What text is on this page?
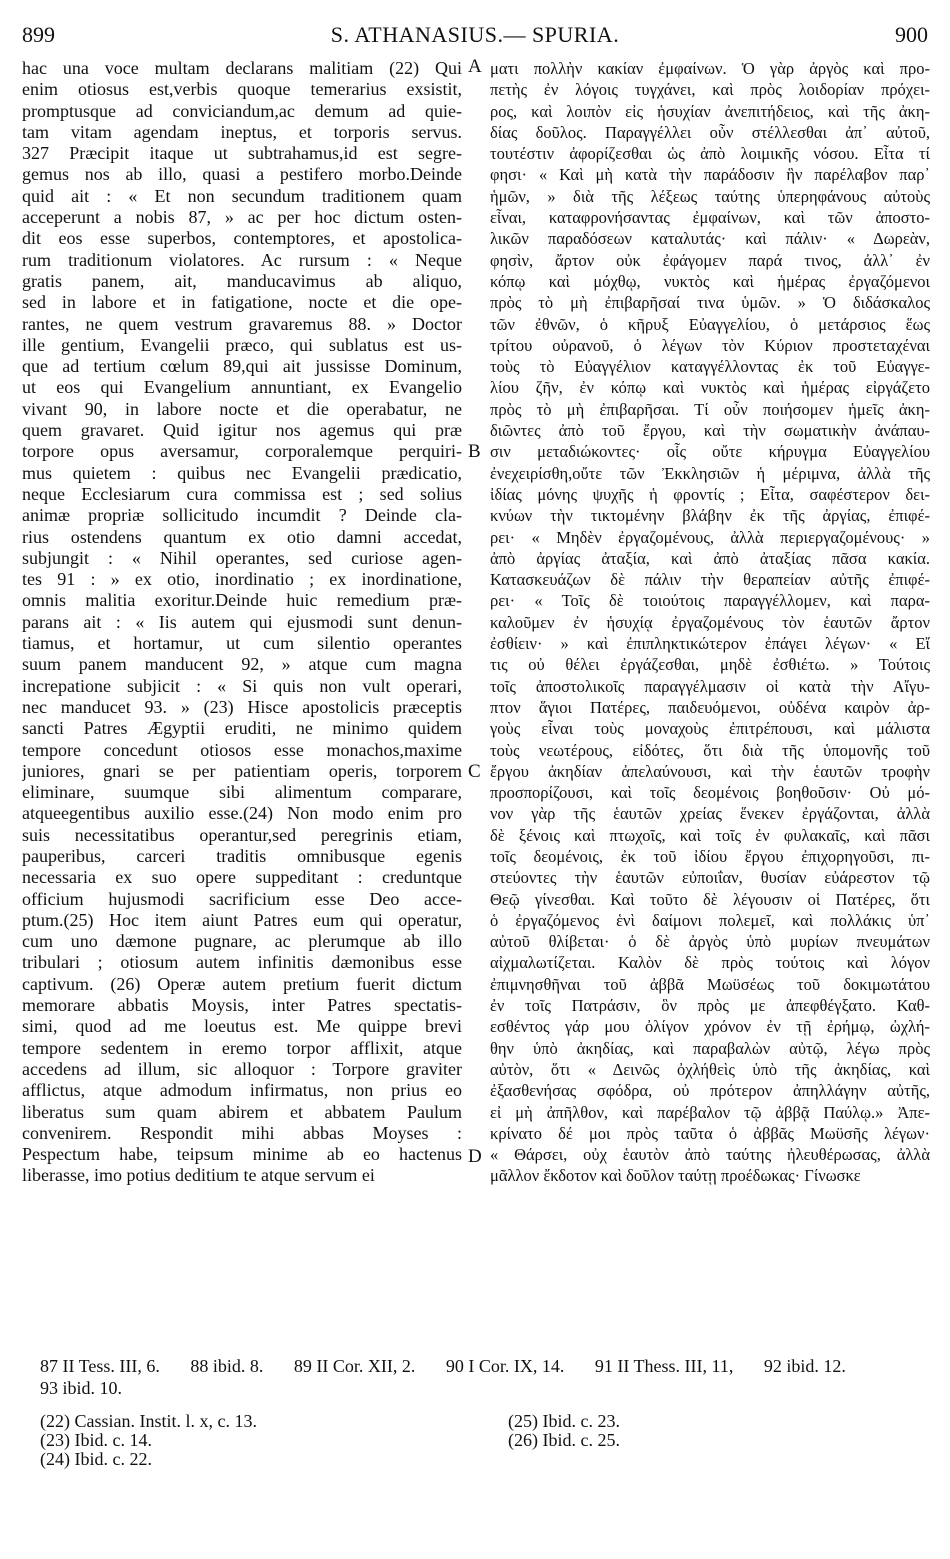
899	S. ATHANASIUS.— SPURIA.	900
hac una voce multam declarans malitiam (22) Qui
enim otiosus est,verbis quoque temerarius exsistit,
promptusque ad conviciandum,ac demum ad quie-
tam vitam agendam ineptus, et torporis servus.
327 Præcipit itaque ut subtrahamus,id est segre-
gemus nos ab illo, quasi a pestifero morbo.Deinde
quid ait : « Et non secundum traditionem quam
acceperunt a nobis 87, » ac per hoc dictum osten-
dit eos esse superbos, contemptores, et apostolica-
rum traditionum violatores. Ac rursum : « Neque
gratis panem, ait, manducavimus ab aliquo,
sed in labore et in fatigatione, nocte et die ope-
rantes, ne quem vestrum gravaremus 88. » Doctor
ille gentium, Evangelii præco, qui sublatus est us-
que ad tertium cœlum 89,qui ait jussisse Dominum,
ut eos qui Evangelium annuntiant, ex Evangelio
vivant 90, in labore nocte et die operabatur, ne
quem gravaret. Quid igitur nos agemus qui præ
torpore opus aversamur, corporalemque perquiri-
mus quietem : quibus nec Evangelii prædicatio,
neque Ecclesiarum cura commissa est ; sed solius
animæ propriæ sollicitudo incumdit ? Deinde cla-
rius ostendens quantum ex otio damni accedat,
subjungit : « Nihil operantes, sed curiose agen-
tes 91 : » ex otio, inordinatio ; ex inordinatione,
omnis malitia exoritur.Deinde huic remedium præ-
parans ait : « Iis autem qui ejusmodi sunt denun-
tiamus, et hortamur, ut cum silentio operantes
suum panem manducent 92, » atque cum magna
increpatione subjicit : « Si quis non vult operari,
nec manducet 93. » (23) Hisce apostolicis præceptis
sancti Patres Ægyptii eruditi, ne minimo quidem
tempore concedunt otiosos esse monachos,maxime
juniores, gnari se per patientiam operis, torporem
eliminare, suumque sibi alimentum comparare,
atqueegentibus auxilio esse.(24) Non modo enim pro
suis necessitatibus operantur,sed peregrinis etiam,
pauperibus, carceri traditis omnibusque egenis
necessaria ex suo opere suppeditant : creduntque
officium hujusmodi sacrificium esse Deo acce-
ptum.(25) Hoc item aiunt Patres eum qui operatur,
cum uno dæmone pugnare, ac plerumque ab illo
tribulari ; otiosum autem infinitis dæmonibus esse
captivum. (26) Operæ autem pretium fuerit dictum
memorare abbatis Moysis, inter Patres spectatis-
simi, quod ad me loeutus est. Me quippe brevi
tempore sedentem in eremo torpor afflixit, atque
accedens ad illum, sic alloquor : Torpore graviter
afflictus, atque admodum infirmatus, non prius eo
liberatus sum quam abirem et abbatem Paulum
convenirem. Respondit mihi abbas Moyses :
Pespectum habe, teipsum minime ab eo hactenus
liberasse, imo potius deditium te atque servum ei
ματι πολλὴν κακίαν ἐμφαίνων. Ὁ γὰρ ἀργὸς καὶ προ-
πετὴς ἐν λόγοις τυγχάνει, καὶ πρὸς λοιδορίαν πρόχει-
ρος, καὶ λοιπὸν εἰς ἡσυχίαν ἀνεπιτήδειος, καὶ τῆς ἀκη-
δίας δοῦλος. Παραγγέλλει οὖν στέλλεσθαι ἀπ᾽ αὐτοῦ,
τουτέστιν ἀφορίζεσθαι ὡς ἀπὸ λοιμικῆς νόσου. Εἶτα τί
φησι· « Καὶ μὴ κατὰ τὴν παράδοσιν ἣν παρέλαβον παρ᾽
ἡμῶν, » διὰ τῆς λέξεως ταύτης ὑπερηφάνους αὐτοὺς
εἶναι, καταφρονήσαντας ἐμφαίνων, καὶ τῶν ἀποστο-
λικῶν παραδόσεων καταλυτάς· καὶ πάλιν· « Δωρεὰν,
φησὶν, ἄρτον οὐκ ἐφάγομεν παρά τινος, ἀλλ᾽ ἐν
κόπῳ καὶ μόχθῳ, νυκτὸς καὶ ἡμέρας ἐργαζόμενοι
πρὸς τὸ μὴ ἐπιβαρῆσαί τινα ὑμῶν. » Ὁ διδάσκαλος
τῶν ἐθνῶν, ὁ κῆρυξ Εὐαγγελίου, ὁ μετάρσιος ἕως
τρίτου οὐρανοῦ, ὁ λέγων τὸν Κύριον προστεταχέναι
τοὺς τὸ Εὐαγγέλιον καταγγέλλοντας ἐκ τοῦ Εὐαγγε-
λίου ζῆν, ἐν κόπῳ καὶ νυκτὸς καὶ ἡμέρας εἰργάζετο
πρὸς τὸ μὴ ἐπιβαρῆσαι. Τί οὖν ποιήσομεν ἡμεῖς ἀκη-
διῶντες ἀπὸ τοῦ ἔργου, καὶ τὴν σωματικὴν ἀνάπαυ-
σιν μεταδιώκοντες· οἷς οὔτε κήρυγμα Εὐαγγελίου
ἐνεχειρίσθη,οὔτε τῶν Ἐκκλησιῶν ἡ μέριμνα, ἀλλὰ τῆς
ἰδίας μόνης ψυχῆς ἡ φροντίς ; Εἶτα, σαφέστερον δει-
κνύων τὴν τικτομένην βλάβην ἐκ τῆς ἀργίας, ἐπιφέ-
ρει· « Μηδὲν ἐργαζομένους, ἀλλὰ περιεργαζομένους· »
ἀπὸ ἀργίας ἀταξία, καὶ ἀπὸ ἀταξίας πᾶσα κακία.
Κατασκευάζων δὲ πάλιν τὴν θεραπείαν αὐτῆς ἐπιφέ-
ρει· « Τοῖς δὲ τοιούτοις παραγγέλλομεν, καὶ παρα-
καλοῦμεν ἐν ἡσυχίᾳ ἐργαζομένους τὸν ἑαυτῶν ἄρτον
ἐσθίειν· » καὶ ἐπιπληκτικώτερον ἐπάγει λέγων· « Εἴ
τις οὐ θέλει ἐργάζεσθαι, μηδὲ ἐσθιέτω. » Τούτοις
τοῖς ἀποστολικοῖς παραγγέλμασιν οἱ κατὰ τὴν Αἴγυ-
πτον ἅγιοι Πατέρες, παιδευόμενοι, οὐδένα καιρὸν ἀρ-
γοὺς εἶναι τοὺς μοναχοὺς ἐπιτρέπουσι, καὶ μάλιστα
τοὺς νεωτέρους, εἰδότες, ὅτι διὰ τῆς ὑπομονῆς τοῦ
ἔργου ἀκηδίαν ἀπελαύνουσι, καὶ τὴν ἑαυτῶν τροφὴν
προσπορίζουσι, καὶ τοῖς δεομένοις βοηθοῦσιν· Οὐ μό-
νον γὰρ τῆς ἑαυτῶν χρείας ἕνεκεν ἐργάζονται, ἀλλὰ
δὲ ξένοις καὶ πτωχοῖς, καὶ τοῖς ἐν φυλακαῖς, καὶ πᾶσι
τοῖς δεομένοις, ἐκ τοῦ ἰδίου ἔργου ἐπιχορηγοῦσι, πι-
στεύοντες τὴν ἑαυτῶν εὐποιΐαν, θυσίαν εὐάρεστον τῷ
Θεῷ γίνεσθαι. Καὶ τοῦτο δὲ λέγουσιν οἱ Πατέρες, ὅτι
ὁ ἐργαζόμενος ἑνὶ δαίμονι πολεμεῖ, καὶ πολλάκις ὑπ᾽
αὐτοῦ θλίβεται· ὁ δὲ ἀργὸς ὑπὸ μυρίων πνευμάτων
αἰχμαλωτίζεται. Καλὸν δὲ πρὸς τούτοις καὶ λόγον
ἐπιμνησθῆναι τοῦ ἀββᾶ Μωϋσέως τοῦ δοκιμωτάτου
ἐν τοῖς Πατράσιν, ὃν πρὸς με ἀπεφθέγξατο. Καθ-
εσθέντος γάρ μου ὀλίγον χρόνον ἐν τῇ ἐρήμῳ, ὠχλή-
θην ὑπὸ ἀκηδίας, καὶ παραβαλὼν αὐτῷ, λέγω πρὸς
αὐτὸν, ὅτι « Δεινῶς ὀχλήθεὶς ὑπὸ τῆς ἀκηδίας, καὶ
ἐξασθενήσας σφόδρα, οὐ πρότερον ἀπηλλάγην αὐτῆς,
εἰ μὴ ἀπῆλθον, καὶ παρέβαλον τῷ ἀββᾷ Παύλῳ.» Ἀπε-
κρίνατο δέ μοι πρὸς ταῦτα ὁ ἀββᾶς Μωϋσῆς λέγων·
« Θάρσει, οὐχ ἑαυτὸν ἀπὸ ταύτης ἠλευθέρωσας, ἀλλὰ
μᾶλλον ἔκδοτον καὶ δοῦλον ταύτῃ προέδωκας· Γίνωσκε
A
B
C
D
87 II Tess. III, 6. 88 ibid. 8. 89 II Cor. XII, 2. 90 I Cor. IX, 14. 91 II Thess. III, 11, 92 ibid. 12.
93 ibid. 10.
(22) Cassian. Instit. l. x, c. 13.
(23) Ibid. c. 14.
(24) Ibid. c. 22.
(25) Ibid. c. 23.
(26) Ibid. c. 25.
